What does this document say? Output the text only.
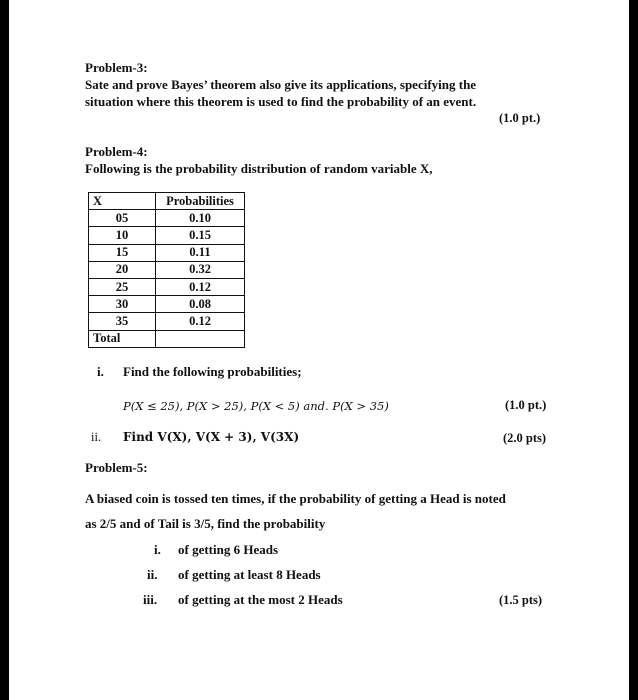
Problem-3:
Sate and prove Bayes’ theorem also give its applications, specifying the
situation where this theorem is used to find the probability of an event.
(1.0 pt.)
Problem-4:
Following is the probability distribution of random variable X,
X	Probabilities
05	0.10
10	0.15
15	0.11
20	0.32
25	0.12
30	0.08
35	0.12
Total	
i. Find the following probabilities;
P(X ≤ 25), P(X > 25), P(X < 5) and. P(X > 35)	(1.0 pt.)
ii. Find V(X), V(X + 3), V(3X)	(2.0 pts)
Problem-5:
A biased coin is tossed ten times, if the probability of getting a Head is noted
as 2/5 and of Tail is 3/5, find the probability
i. of getting 6 Heads
ii. of getting at least 8 Heads
iii. of getting at the most 2 Heads	(1.5 pts)
